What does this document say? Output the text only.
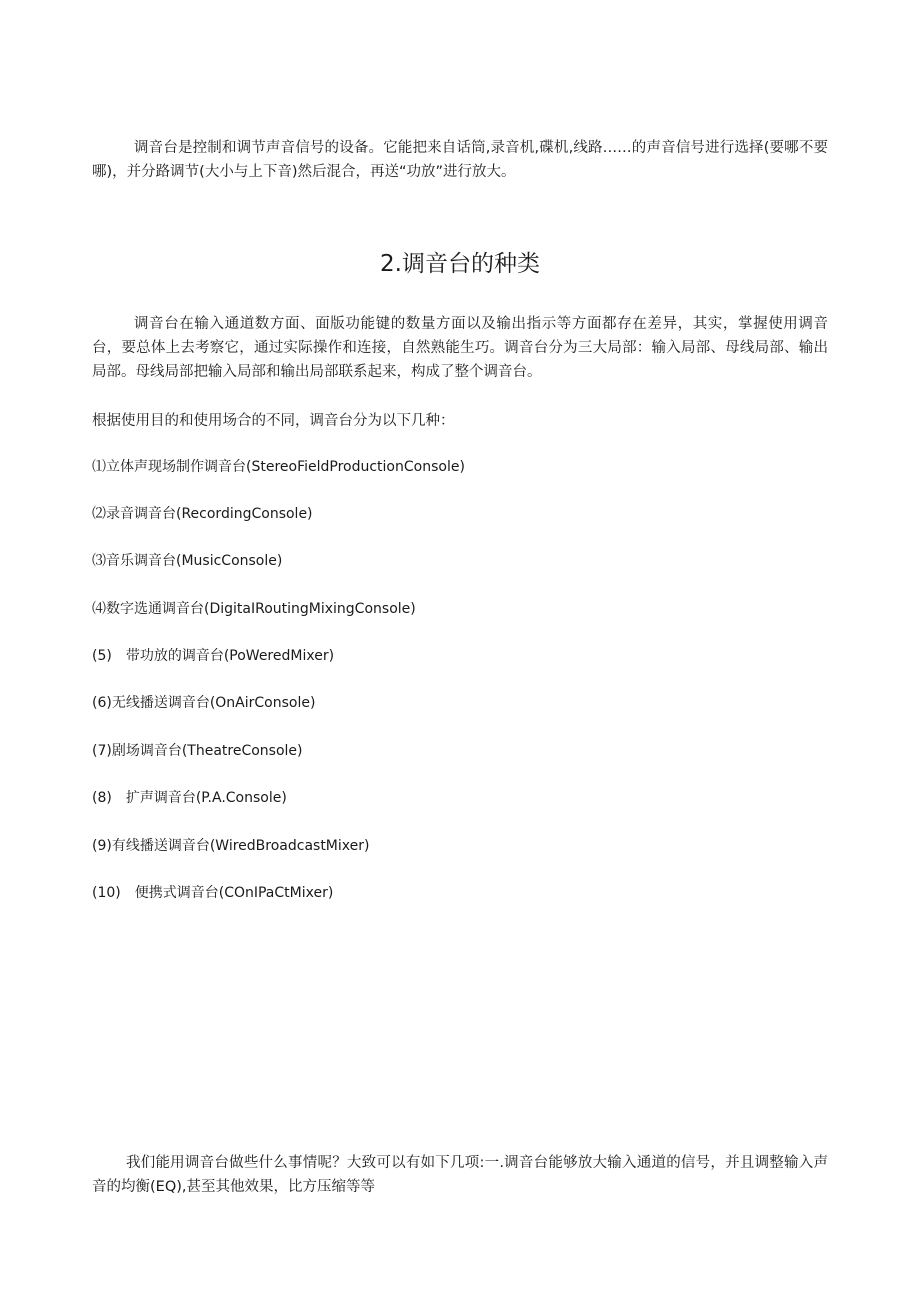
调音台是控制和调节声音信号的设备。它能把来自话筒,录音机,碟机,线路……的声音信号进行选择(要哪不要哪)，并分路调节(大小与上下音)然后混合，再送“功放”进行放大。

2.调音台的种类

调音台在输入通道数方面、面版功能键的数量方面以及输出指示等方面都存在差异，其实，掌握使用调音台，要总体上去考察它，通过实际操作和连接，自然熟能生巧。调音台分为三大局部：输入局部、母线局部、输出局部。母线局部把输入局部和输出局部联系起来，构成了整个调音台。

根据使用目的和使用场合的不同，调音台分为以下几种：

⑴立体声现场制作调音台(StereoFieldProductionConsole)

⑵录音调音台(RecordingConsole)

⑶音乐调音台(MusicConsole)

⑷数字选通调音台(DigitaIRoutingMixingConsole)

(5)　带功放的调音台(PoWeredMixer)

(6)无线播送调音台(OnAirConsole)

(7)剧场调音台(TheatreConsole)

(8)　扩声调音台(P.A.Console)

(9)有线播送调音台(WiredBroadcastMixer)

(10)　便携式调音台(COnIPaCtMixer)

我们能用调音台做些什么事情呢？大致可以有如下几项:一.调音台能够放大输入通道的信号，并且调整输入声音的均衡(EQ),甚至其他效果，比方压缩等等
